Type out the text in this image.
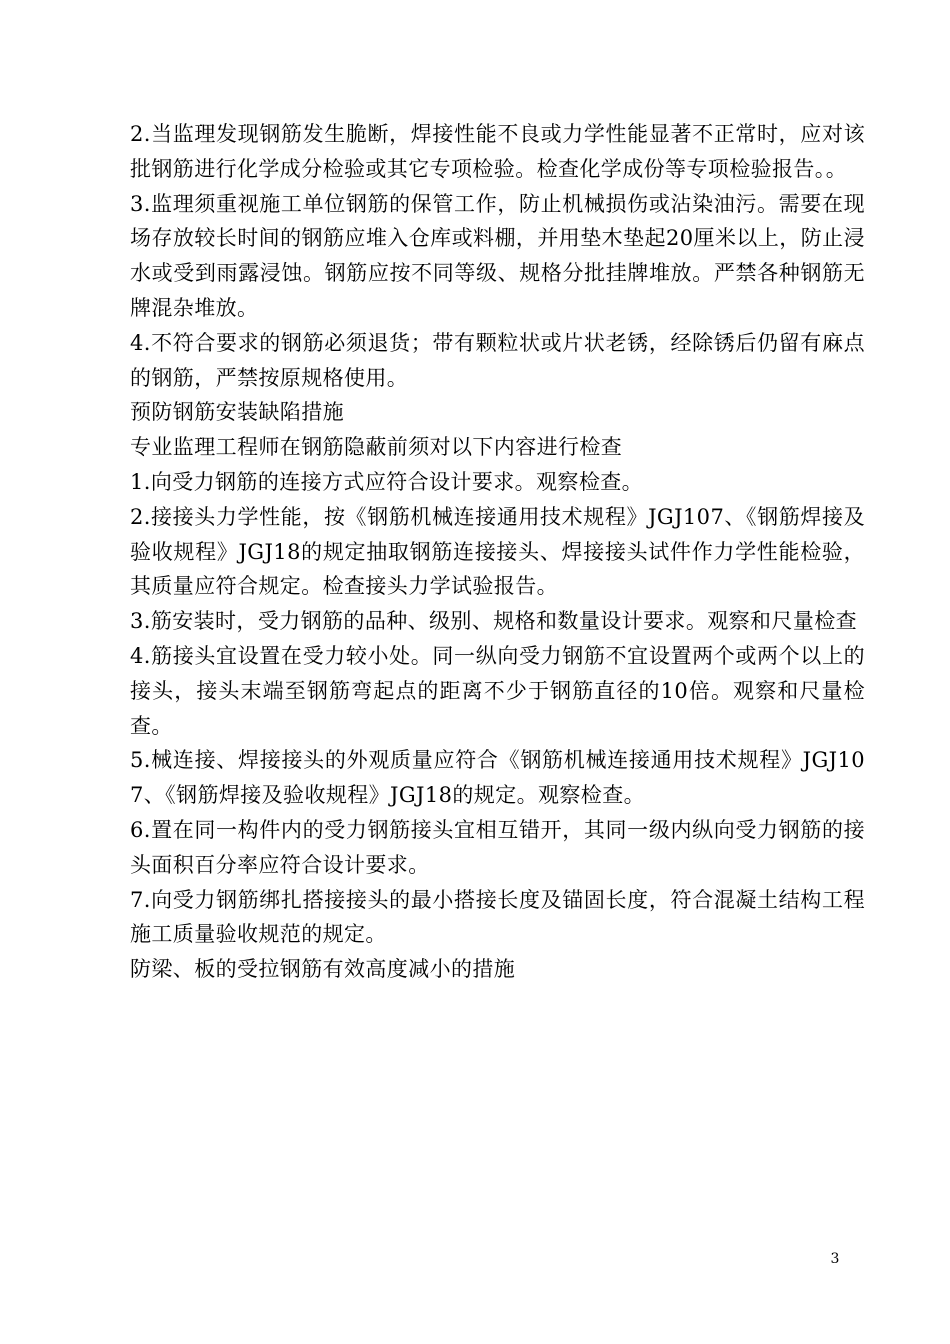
2.当监理发现钢筋发生脆断，焊接性能不良或力学性能显著不正常时，应对该批钢筋进行化学成分检验或其它专项检验。检查化学成份等专项检验报告。。

3.监理须重视施工单位钢筋的保管工作，防止机械损伤或沾染油污。需要在现场存放较长时间的钢筋应堆入仓库或料棚，并用垫木垫起20厘米以上，防止浸水或受到雨露浸蚀。钢筋应按不同等级、规格分批挂牌堆放。严禁各种钢筋无牌混杂堆放。

4.不符合要求的钢筋必须退货；带有颗粒状或片状老锈，经除锈后仍留有麻点的钢筋，严禁按原规格使用。

预防钢筋安装缺陷措施

专业监理工程师在钢筋隐蔽前须对以下内容进行检查

1.向受力钢筋的连接方式应符合设计要求。观察检查。

2.接接头力学性能，按《钢筋机械连接通用技术规程》JGJ107、《钢筋焊接及验收规程》JGJ18的规定抽取钢筋连接接头、焊接接头试件作力学性能检验，其质量应符合规定。检查接头力学试验报告。

3.筋安装时，受力钢筋的品种、级别、规格和数量设计要求。观察和尺量检查

4.筋接头宜设置在受力较小处。同一纵向受力钢筋不宜设置两个或两个以上的接头，接头末端至钢筋弯起点的距离不少于钢筋直径的10倍。观察和尺量检查。

5.械连接、焊接接头的外观质量应符合《钢筋机械连接通用技术规程》JGJ107、《钢筋焊接及验收规程》JGJ18的规定。观察检查。

6.置在同一构件内的受力钢筋接头宜相互错开，其同一级内纵向受力钢筋的接头面积百分率应符合设计要求。

7.向受力钢筋绑扎搭接接头的最小搭接长度及锚固长度，符合混凝土结构工程施工质量验收规范的规定。

防梁、板的受拉钢筋有效高度减小的措施

3
